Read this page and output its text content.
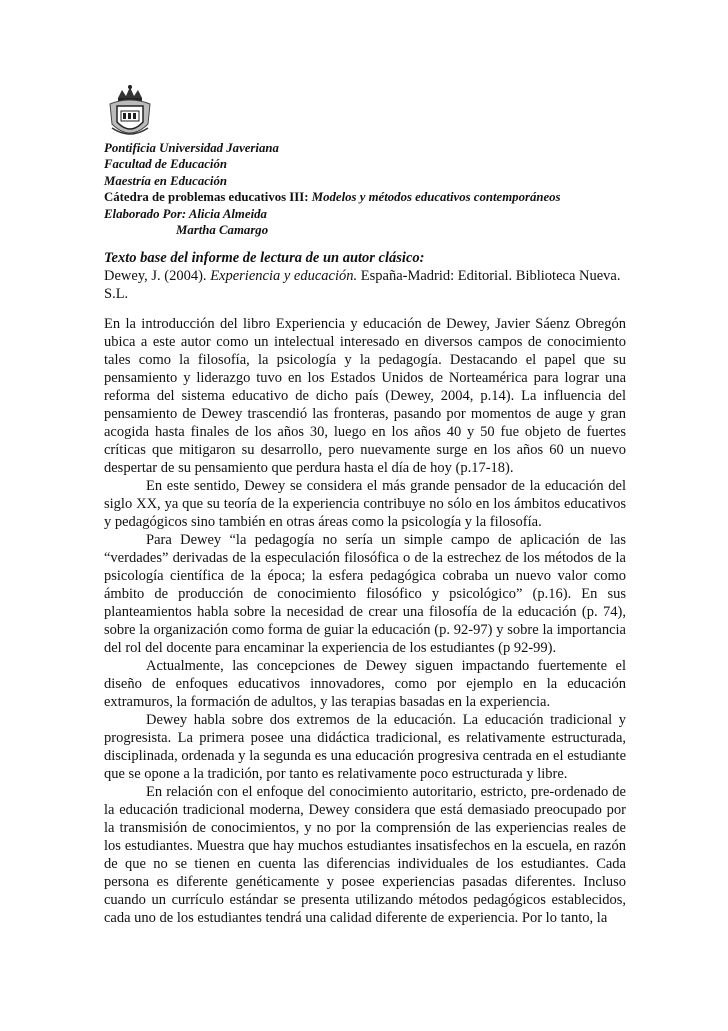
Pontificia Universidad Javeriana
Facultad de Educación
Maestría en Educación
Cátedra de problemas educativos III: Modelos y métodos educativos contemporáneos
Elaborado Por: Alicia Almeida
Martha Camargo
Texto base del informe de lectura de un autor clásico:
Dewey, J. (2004). Experiencia y educación. España-Madrid: Editorial. Biblioteca Nueva. S.L.

En la introducción del libro Experiencia y educación de Dewey, Javier Sáenz Obregón ubica a este autor como un intelectual interesado en diversos campos de conocimiento tales como la filosofía, la psicología y la pedagogía. Destacando el papel que su pensamiento y liderazgo tuvo en los Estados Unidos de Norteamérica para lograr una reforma del sistema educativo de dicho país (Dewey, 2004, p.14). La influencia del pensamiento de Dewey trascendió las fronteras, pasando por momentos de auge y gran acogida hasta finales de los años 30, luego en los años 40 y 50 fue objeto de fuertes críticas que mitigaron su desarrollo, pero nuevamente surge en los años 60 un nuevo despertar de su pensamiento que perdura hasta el día de hoy (p.17-18).

En este sentido, Dewey se considera el más grande pensador de la educación del siglo XX, ya que su teoría de la experiencia contribuye no sólo en los ámbitos educativos y pedagógicos sino también en otras áreas como la psicología y la filosofía.

Para Dewey “la pedagogía no sería un simple campo de aplicación de las “verdades” derivadas de la especulación filosófica o de la estrechez de los métodos de la psicología científica de la época; la esfera pedagógica cobraba un nuevo valor como ámbito de producción de conocimiento filosófico y psicológico” (p.16). En sus planteamientos habla sobre la necesidad de crear una filosofía de la educación (p. 74), sobre la organización como forma de guiar la educación (p. 92-97) y sobre la importancia del rol del docente para encaminar la experiencia de los estudiantes (p 92-99).

Actualmente, las concepciones de Dewey siguen impactando fuertemente el diseño de enfoques educativos innovadores, como por ejemplo en la educación extramuros, la formación de adultos, y las terapias basadas en la experiencia.

Dewey habla sobre dos extremos de la educación. La educación tradicional y progresista. La primera posee una didáctica tradicional, es relativamente estructurada, disciplinada, ordenada y la segunda es una educación progresiva centrada en el estudiante que se opone a la tradición, por tanto es relativamente poco estructurada y libre.

En relación con el enfoque del conocimiento autoritario, estricto, pre-ordenado de la educación tradicional moderna, Dewey considera que está demasiado preocupado por la transmisión de conocimientos, y no por la comprensión de las experiencias reales de los estudiantes. Muestra que hay muchos estudiantes insatisfechos en la escuela, en razón de que no se tienen en cuenta las diferencias individuales de los estudiantes. Cada persona es diferente genéticamente y posee experiencias pasadas diferentes. Incluso cuando un currículo estándar se presenta utilizando métodos pedagógicos establecidos, cada uno de los estudiantes tendrá una calidad diferente de experiencia. Por lo tanto, la
